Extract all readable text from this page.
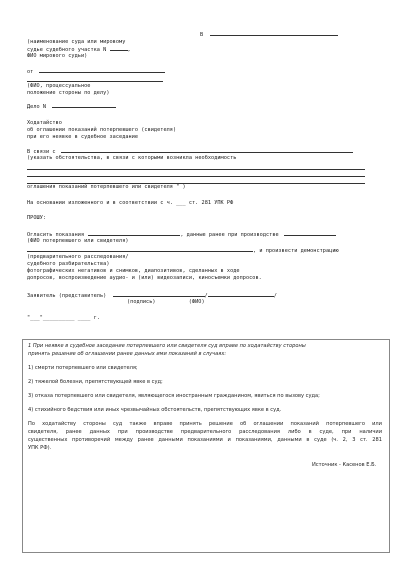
В
(наименование суда или мировому
судье судебного участка N	,
ФИО мирового судьи)
от
(ФИО, процессуальное
положение стороны по делу)
Дело N
Ходатайство
об оглашении показаний потерпевшего (свидетеля)
при его неявке в судебное заседание
В связи с
(указать обстоятельства, в связи с которыми возникла необходимость
оглашения показаний потерпевшего или свидетеля " )
На основании изложенного и в соответствии с ч. ___ ст. 281 УПК РФ
ПРОШУ:
Огласить показания	, данные ранее при производстве
(ФИО потерпевшего или свидетеля)
, и произвести демонстрацию
(предварительного расследования/
судебного разбирательства)
фотографических негативов и снимков, диапозитивов, сделанных в ходе
допросов, воспроизведение аудио- и (или) видеозаписи, киносъемки допросов.
Заявитель (представитель)	/	/
(подпись)	(ФИО)
"___"__________ ____ г.
1 При неявке в судебное заседание потерпевшего или свидетеля суд вправе по ходатайству стороны
принять решение об оглашении ранее данных ими показаний в случаях:
1) смерти потерпевшего или свидетеля;
2) тяжелой болезни, препятствующей явке в суд;
3) отказа потерпевшего или свидетеля, являющегося иностранным гражданином, явиться по вызову суда;
4) стихийного бедствия или иных чрезвычайных обстоятельств, препятствующих явке в суд.
По ходатайству стороны суд также вправе принять решение об оглашении показаний потерпевшего или
свидетеля, ранее данных при производстве предварительного расследования либо в суде, при наличии
существенных противоречий между ранее данными показаниями и показаниями, данными в суде (ч. 2, 3 ст. 281
УПК РФ).
Источник - Касенов Е.Б.
